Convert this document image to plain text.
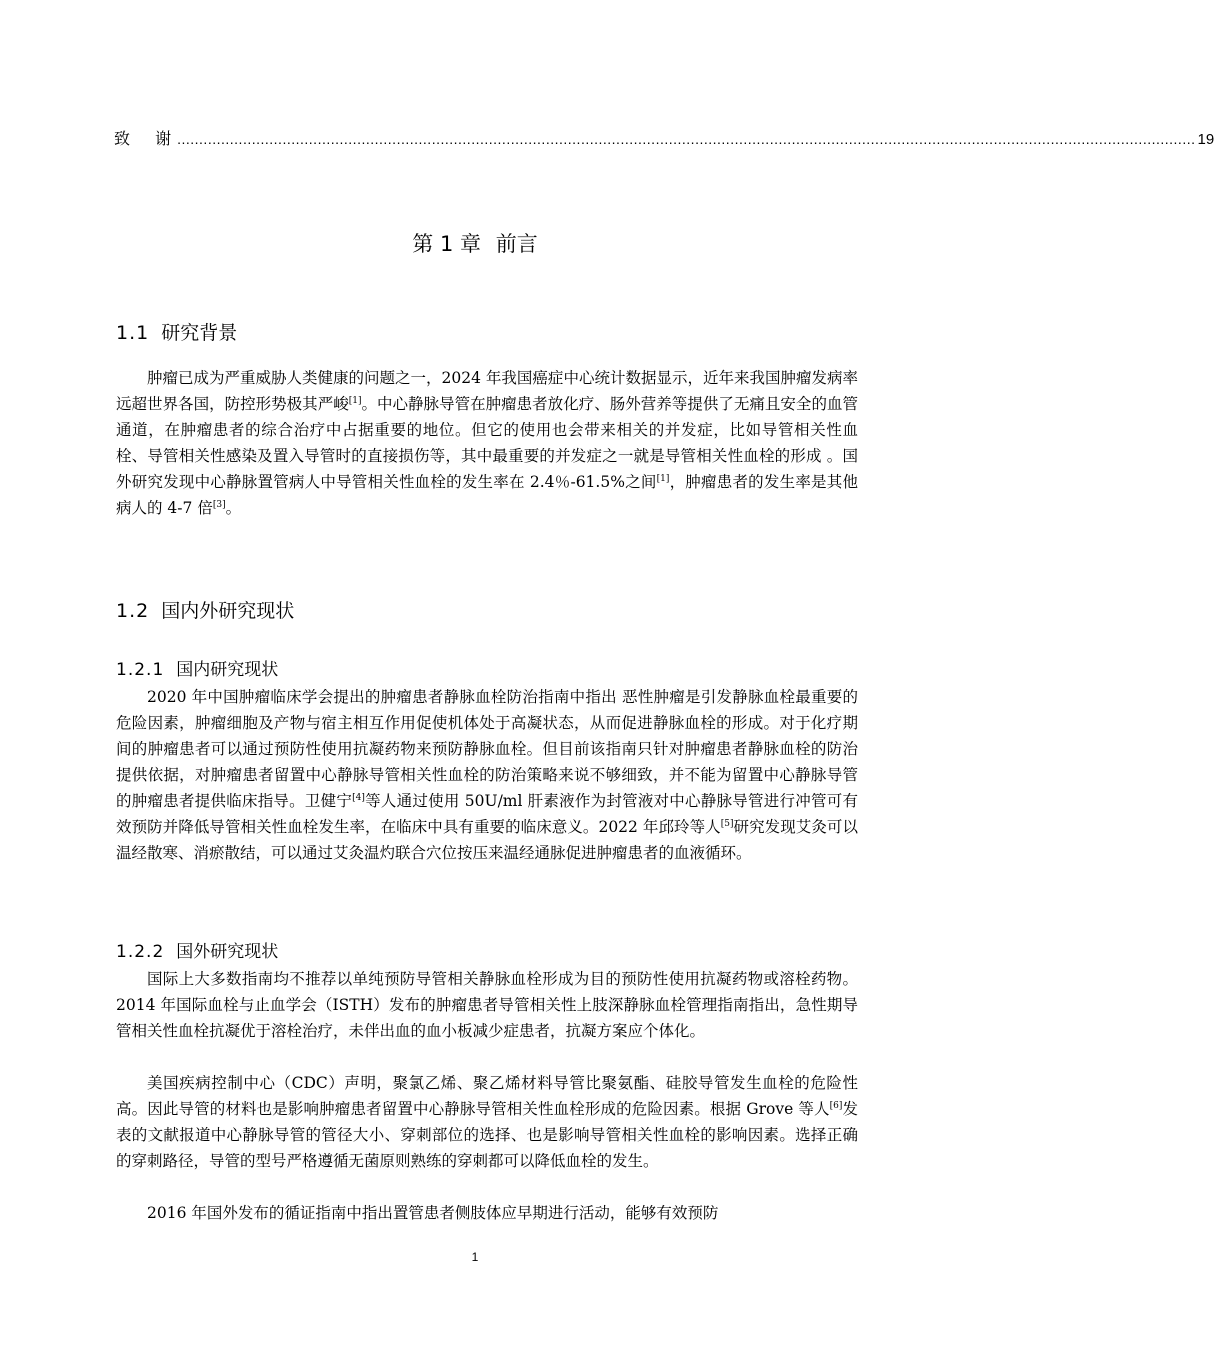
致 谢
........................................................................................................................................................................................................................................ 19
第 1 章 前言
1.1 研究背景

肿瘤已成为严重威胁人类健康的问题之一，2024 年我国癌症中心统计数据显示，近年来我国肿瘤发病率远超世界各国，防控形势极其严峻[1]。中心静脉导管在肿瘤患者放化疗、肠外营养等提供了无痛且安全的血管通道，在肿瘤患者的综合治疗中占据重要的地位。但它的使用也会带来相关的并发症，比如导管相关性血栓、导管相关性感染及置入导管时的直接损伤等，其中最重要的并发症之一就是导管相关性血栓的形成 。国外研究发现中心静脉置管病人中导管相关性血栓的发生率在 2.4％-61.5%之间[1]，肿瘤患者的发生率是其他病人的 4-7 倍[3]。

1.2 国内外研究现状
1.2.1 国内研究现状

2020 年中国肿瘤临床学会提出的肿瘤患者静脉血栓防治指南中指出 恶性肿瘤是引发静脉血栓最重要的危险因素，肿瘤细胞及产物与宿主相互作用促使机体处于高凝状态，从而促进静脉血栓的形成。对于化疗期间的肿瘤患者可以通过预防性使用抗凝药物来预防静脉血栓。但目前该指南只针对肿瘤患者静脉血栓的防治提供依据，对肿瘤患者留置中心静脉导管相关性血栓的防治策略来说不够细致，并不能为留置中心静脉导管的肿瘤患者提供临床指导。卫健宁[4]等人通过使用 50U/ml 肝素液作为封管液对中心静脉导管进行冲管可有效预防并降低导管相关性血栓发生率，在临床中具有重要的临床意义。2022 年邱玲等人[5]研究发现艾灸可以温经散寒、消瘀散结，可以通过艾灸温灼联合穴位按压来温经通脉促进肿瘤患者的血液循环。

1.2.2 国外研究现状

国际上大多数指南均不推荐以单纯预防导管相关静脉血栓形成为目的预防性使用抗凝药物或溶栓药物。2014 年国际血栓与止血学会（ISTH）发布的肿瘤患者导管相关性上肢深静脉血栓管理指南指出，急性期导管相关性血栓抗凝优于溶栓治疗，未伴出血的血小板减少症患者，抗凝方案应个体化。

美国疾病控制中心（CDC）声明，聚氯乙烯、聚乙烯材料导管比聚氨酯、硅胶导管发生血栓的危险性高。因此导管的材料也是影响肿瘤患者留置中心静脉导管相关性血栓形成的危险因素。根据 Grove 等人[6]发表的文献报道中心静脉导管的管径大小、穿刺部位的选择、也是影响导管相关性血栓的影响因素。选择正确的穿刺路径，导管的型号严格遵循无菌原则熟练的穿刺都可以降低血栓的发生。

2016 年国外发布的循证指南中指出置管患者侧肢体应早期进行活动，能够有效预防

1
